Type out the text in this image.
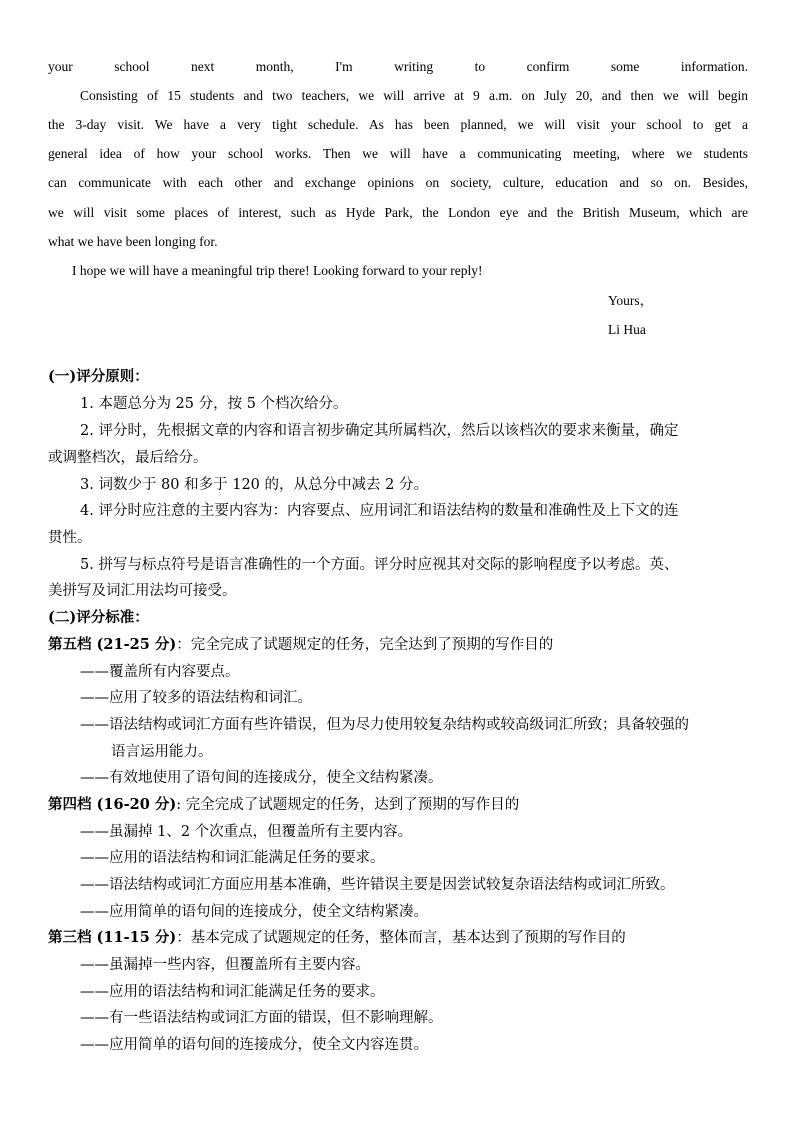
your school next month, I'm writing to confirm some information.
Consisting of 15 students and two teachers, we will arrive at 9 a.m. on July 20, and then we will begin
the 3-day visit. We have a very tight schedule. As has been planned, we will visit your school to get a
general idea of how your school works. Then we will have a communicating meeting, where we students
can communicate with each other and exchange opinions on society, culture, education and so on. Besides,
we will visit some places of interest, such as Hyde Park, the London eye and the British Museum, which are
what we have been longing for.
I hope we will have a meaningful trip there! Looking forward to your reply!
Yours，
Li Hua
(一)评分原则：
1. 本题总分为 25 分，按 5 个档次给分。
2. 评分时，先根据文章的内容和语言初步确定其所属档次，然后以该档次的要求来衡量，确定
或调整档次，最后给分。
3. 词数少于 80 和多于 120 的，从总分中减去 2 分。
4. 评分时应注意的主要内容为：内容要点、应用词汇和语法结构的数量和准确性及上下文的连
贯性。
5. 拼写与标点符号是语言准确性的一个方面。评分时应视其对交际的影响程度予以考虑。英、
美拼写及词汇用法均可接受。
(二)评分标准：
第五档 (21-25 分)：完全完成了试题规定的任务，完全达到了预期的写作目的
——覆盖所有内容要点。
——应用了较多的语法结构和词汇。
——语法结构或词汇方面有些许错误，但为尽力使用较复杂结构或较高级词汇所致；具备较强的
语言运用能力。
——有效地使用了语句间的连接成分，使全文结构紧凑。
第四档 (16-20 分): 完全完成了试题规定的任务，达到了预期的写作目的
——虽漏掉 1、2 个次重点，但覆盖所有主要内容。
——应用的语法结构和词汇能满足任务的要求。
——语法结构或词汇方面应用基本准确，些许错误主要是因尝试较复杂语法结构或词汇所致。
——应用简单的语句间的连接成分，使全文结构紧凑。
第三档 (11-15 分)：基本完成了试题规定的任务，整体而言，基本达到了预期的写作目的
——虽漏掉一些内容，但覆盖所有主要内容。
——应用的语法结构和词汇能满足任务的要求。
——有一些语法结构或词汇方面的错误，但不影响理解。
——应用简单的语句间的连接成分，使全文内容连贯。
